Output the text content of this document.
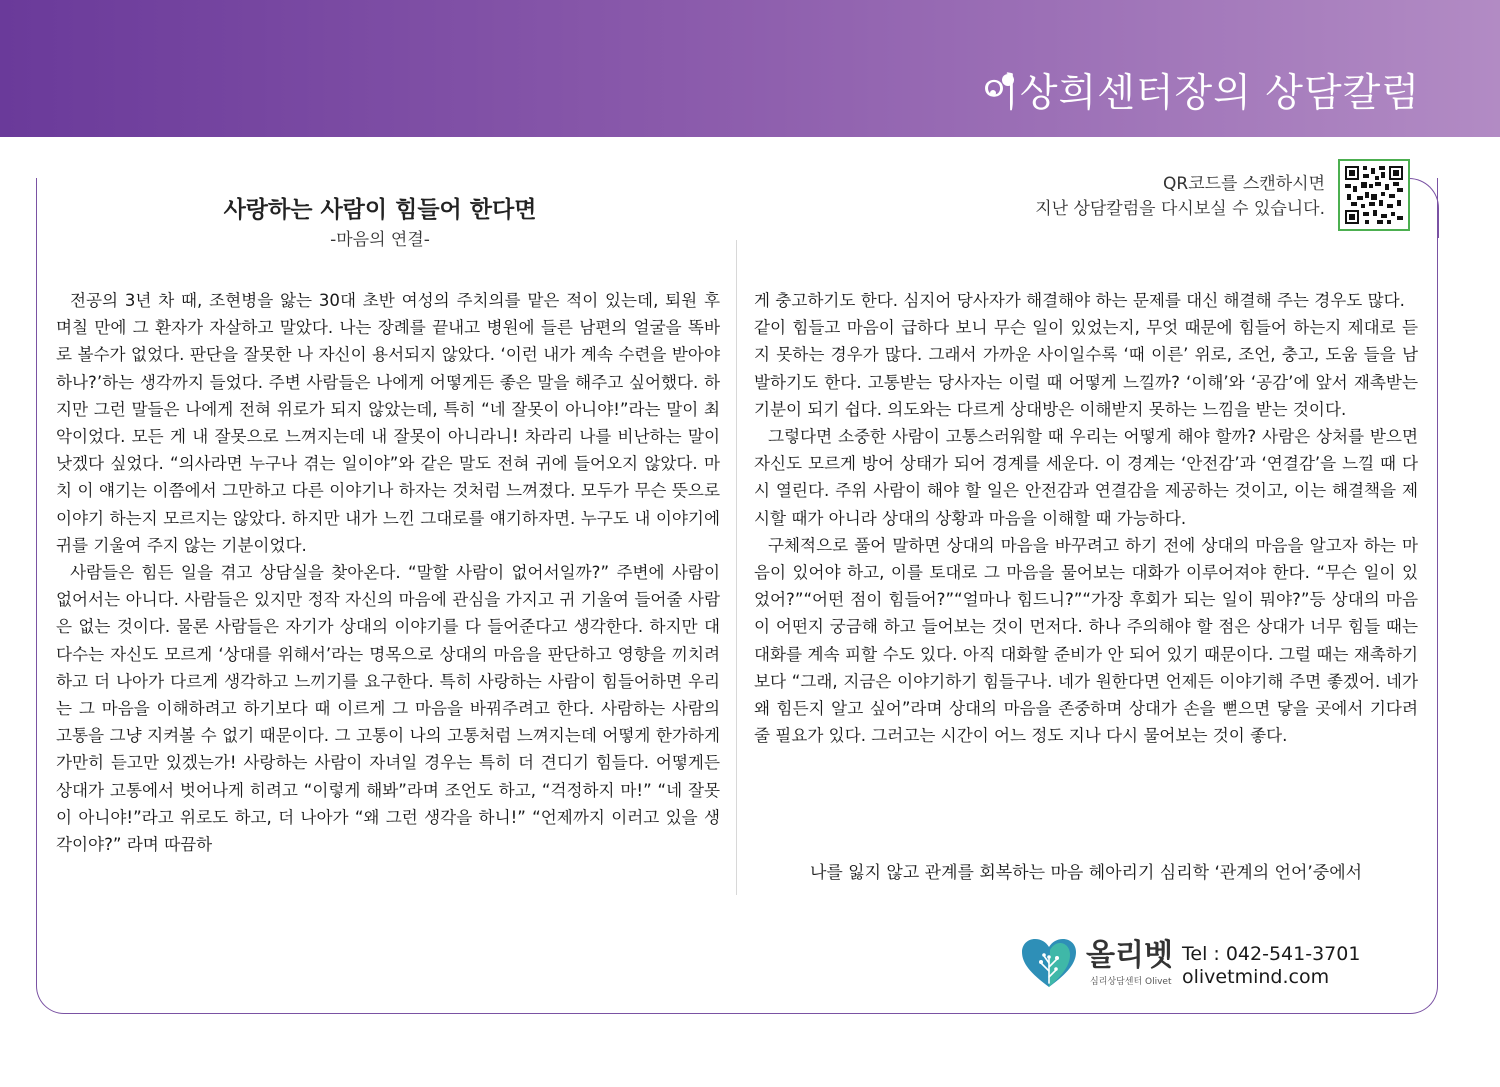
이상희센터장의 상담칼럼
사랑하는 사람이 힘들어 한다면
-마음의 연결-
QR코드를 스캔하시면
지난 상담칼럼을 다시보실 수 있습니다.

전공의 3년 차 때, 조현병을 앓는 30대 초반 여성의 주치의를 맡은 적이 있는데, 퇴원 후 며칠 만에 그 환자가 자살하고 말았다. 나는 장례를 끝내고 병원에 들른 남편의 얼굴을 똑바로 볼수가 없었다. 판단을 잘못한 나 자신이 용서되지 않았다. ‘이런 내가 계속 수련을 받아야 하나?’하는 생각까지 들었다. 주변 사람들은 나에게 어떻게든 좋은 말을 해주고 싶어했다. 하지만 그런 말들은 나에게 전혀 위로가 되지 않았는데, 특히 “네 잘못이 아니야!”라는 말이 최악이었다. 모든 게 내 잘못으로 느껴지는데 내 잘못이 아니라니! 차라리 나를 비난하는 말이 낫겠다 싶었다. “의사라면 누구나 겪는 일이야”와 같은 말도 전혀 귀에 들어오지 않았다. 마치 이 얘기는 이쯤에서 그만하고 다른 이야기나 하자는 것처럼 느껴졌다. 모두가 무슨 뜻으로 이야기 하는지 모르지는 않았다. 하지만 내가 느낀 그대로를 얘기하자면. 누구도 내 이야기에 귀를 기울여 주지 않는 기분이었다.

사람들은 힘든 일을 겪고 상담실을 찾아온다. “말할 사람이 없어서일까?” 주변에 사람이 없어서는 아니다. 사람들은 있지만 정작 자신의 마음에 관심을 가지고 귀 기울여 들어줄 사람은 없는 것이다. 물론 사람들은 자기가 상대의 이야기를 다 들어준다고 생각한다. 하지만 대다수는 자신도 모르게 ‘상대를 위해서’라는 명목으로 상대의 마음을 판단하고 영향을 끼치려 하고 더 나아가 다르게 생각하고 느끼기를 요구한다. 특히 사랑하는 사람이 힘들어하면 우리는 그 마음을 이해하려고 하기보다 때 이르게 그 마음을 바꿔주려고 한다. 사람하는 사람의 고통을 그냥 지켜볼 수 없기 때문이다. 그 고통이 나의 고통처럼 느껴지는데 어떻게 한가하게 가만히 듣고만 있겠는가! 사랑하는 사람이 자녀일 경우는 특히 더 견디기 힘들다. 어떻게든 상대가 고통에서 벗어나게 히려고 “이렇게 해봐”라며 조언도 하고, “걱정하지 마!” “네 잘못이 아니야!”라고 위로도 하고, 더 나아가 “왜 그런 생각을 하니!” “언제까지 이러고 있을 생각이야?” 라며 따끔하

게 충고하기도 한다. 심지어 당사자가 해결해야 하는 문제를 대신 해결해 주는 경우도 많다.

같이 힘들고 마음이 급하다 보니 무슨 일이 있었는지, 무엇 때문에 힘들어 하는지 제대로 듣지 못하는 경우가 많다. 그래서 가까운 사이일수록 ‘때 이른’ 위로, 조언, 충고, 도움 들을 남발하기도 한다. 고통받는 당사자는 이럴 때 어떻게 느낄까? ‘이해’와 ‘공감’에 앞서 재촉받는 기분이 되기 쉽다. 의도와는 다르게 상대방은 이해받지 못하는 느낌을 받는 것이다.

그렇다면 소중한 사람이 고통스러워할 때 우리는 어떻게 해야 할까? 사람은 상처를 받으면 자신도 모르게 방어 상태가 되어 경계를 세운다. 이 경계는 ‘안전감’과 ‘연결감’을 느낄 때 다시 열린다. 주위 사람이 해야 할 일은 안전감과 연결감을 제공하는 것이고, 이는 해결책을 제시할 때가 아니라 상대의 상황과 마음을 이해할 때 가능하다.

구체적으로 풀어 말하면 상대의 마음을 바꾸려고 하기 전에 상대의 마음을 알고자 하는 마음이 있어야 하고, 이를 토대로 그 마음을 물어보는 대화가 이루어져야 한다. “무슨 일이 있었어?”“어떤 점이 힘들어?”“얼마나 힘드니?”“가장 후회가 되는 일이 뭐야?”등 상대의 마음이 어떤지 궁금해 하고 들어보는 것이 먼저다. 하나 주의해야 할 점은 상대가 너무 힘들 때는 대화를 계속 피할 수도 있다. 아직 대화할 준비가 안 되어 있기 때문이다. 그럴 때는 재촉하기보다 “그래, 지금은 이야기하기 힘들구나. 네가 원한다면 언제든 이야기해 주면 좋겠어. 네가 왜 힘든지 알고 싶어”라며 상대의 마음을 존중하며 상대가 손을 뻗으면 닿을 곳에서 기다려 줄 필요가 있다. 그러고는 시간이 어느 정도 지나 다시 물어보는 것이 좋다.

나를 잃지 않고 관계를 회복하는 마음 헤아리기 심리학 ‘관계의 언어’중에서
올리벳
심리상담센터 Olivet
Tel : 042-541-3701
olivetmind.com
